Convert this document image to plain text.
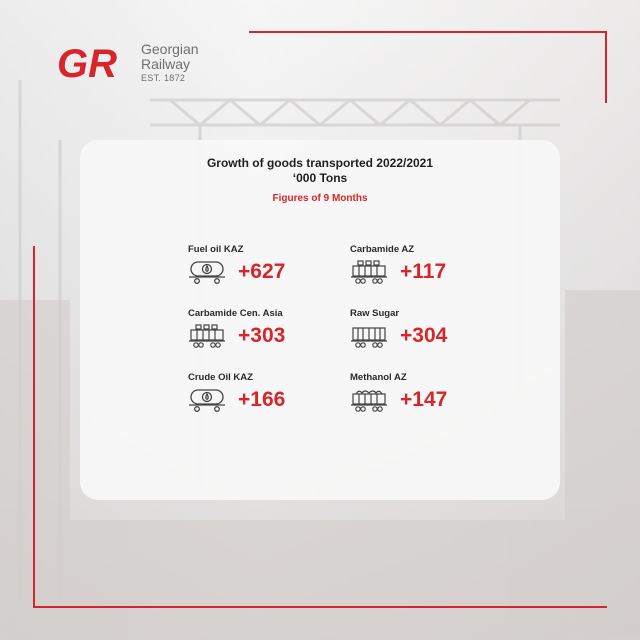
GR Georgian
Railway
EST. 1872
Growth of goods transported 2022/2021
‘000 Tons
Figures of 9 Months
Fuel oil KAZ
+627
Carbamide AZ
+117
Carbamide Cen. Asia
+303
Raw Sugar
+304
Crude Oil KAZ
+166
Methanol AZ
+147
